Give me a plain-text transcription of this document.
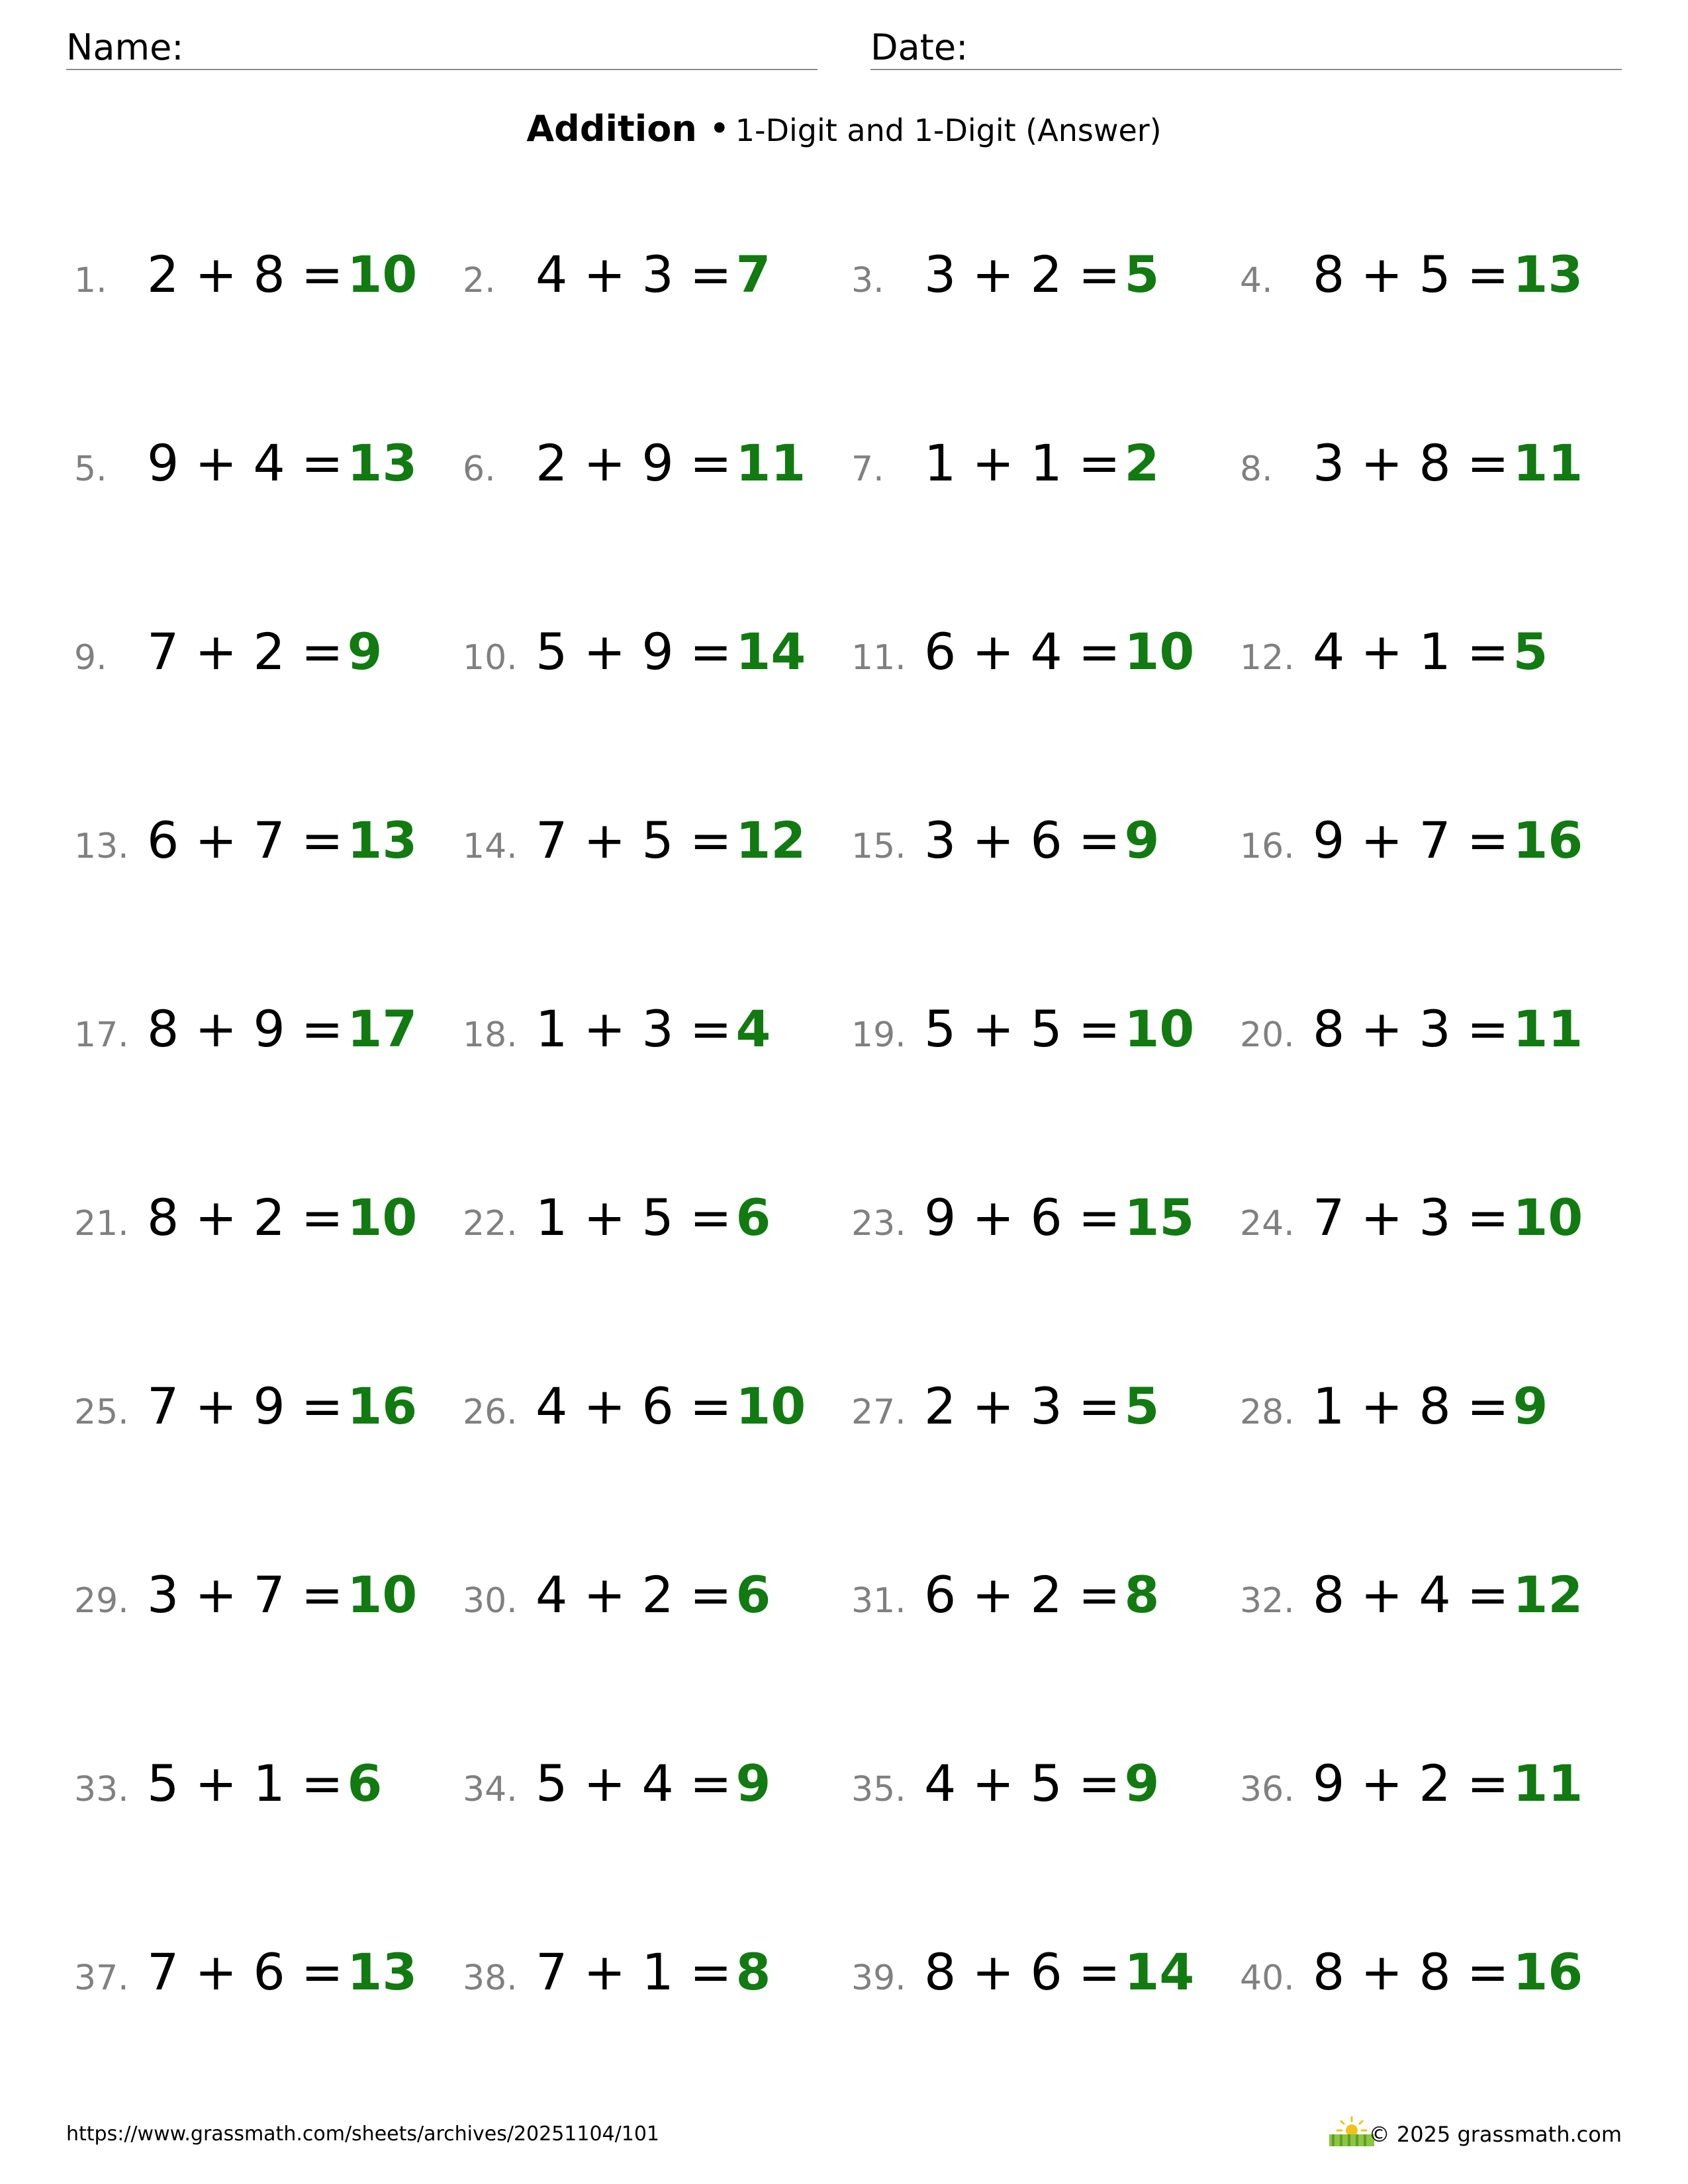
Name:	Date:
Addition • 1-Digit and 1-Digit (Answer)
1. 2 + 8 = 10 2. 4 + 3 = 7 3. 3 + 2 = 5 4. 8 + 5 = 13
5. 9 + 4 = 13 6. 2 + 9 = 11 7. 1 + 1 = 2 8. 3 + 8 = 11
9. 7 + 2 = 9 10. 5 + 9 = 14 11. 6 + 4 = 10 12. 4 + 1 = 5
13. 6 + 7 = 13 14. 7 + 5 = 12 15. 3 + 6 = 9 16. 9 + 7 = 16
17. 8 + 9 = 17 18. 1 + 3 = 4 19. 5 + 5 = 10 20. 8 + 3 = 11
21. 8 + 2 = 10 22. 1 + 5 = 6 23. 9 + 6 = 15 24. 7 + 3 = 10
25. 7 + 9 = 16 26. 4 + 6 = 10 27. 2 + 3 = 5 28. 1 + 8 = 9
29. 3 + 7 = 10 30. 4 + 2 = 6 31. 6 + 2 = 8 32. 8 + 4 = 12
33. 5 + 1 = 6 34. 5 + 4 = 9 35. 4 + 5 = 9 36. 9 + 2 = 11
37. 7 + 6 = 13 38. 7 + 1 = 8 39. 8 + 6 = 14 40. 8 + 8 = 16
https://www.grassmath.com/sheets/archives/20251104/101	© 2025 grassmath.com
